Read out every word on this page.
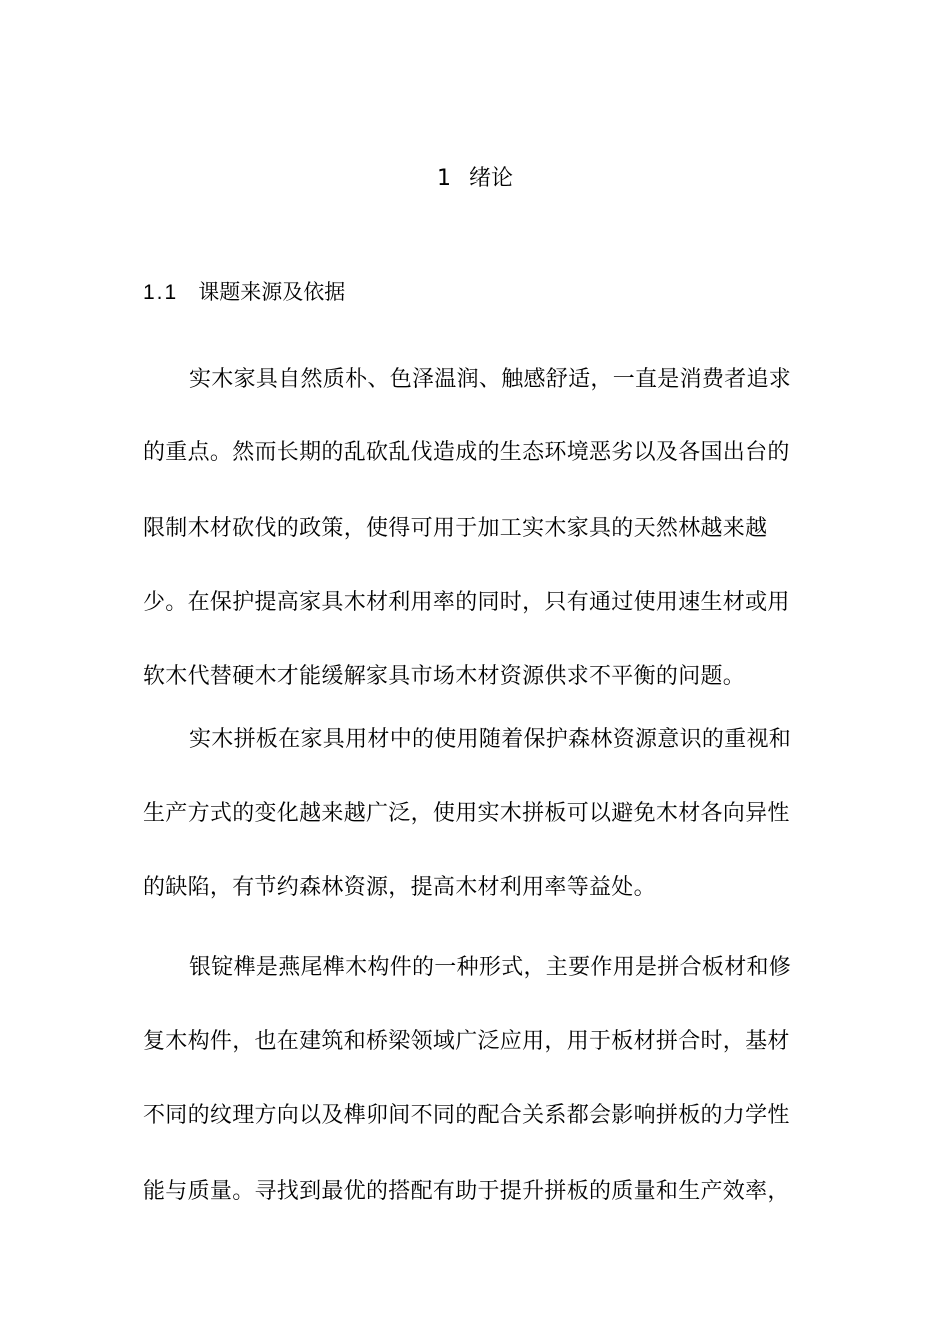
1 绪论
1.1 课题来源及依据
实木家具自然质朴、色泽温润、触感舒适，一直是消费者追求
的重点。然而长期的乱砍乱伐造成的生态环境恶劣以及各国出台的
限制木材砍伐的政策，使得可用于加工实木家具的天然林越来越
少。在保护提高家具木材利用率的同时，只有通过使用速生材或用
软木代替硬木才能缓解家具市场木材资源供求不平衡的问题。
实木拼板在家具用材中的使用随着保护森林资源意识的重视和
生产方式的变化越来越广泛，使用实木拼板可以避免木材各向异性
的缺陷，有节约森林资源，提高木材利用率等益处。
银锭榫是燕尾榫木构件的一种形式，主要作用是拼合板材和修
复木构件，也在建筑和桥梁领域广泛应用，用于板材拼合时，基材
不同的纹理方向以及榫卯间不同的配合关系都会影响拼板的力学性
能与质量。寻找到最优的搭配有助于提升拼板的质量和生产效率，
